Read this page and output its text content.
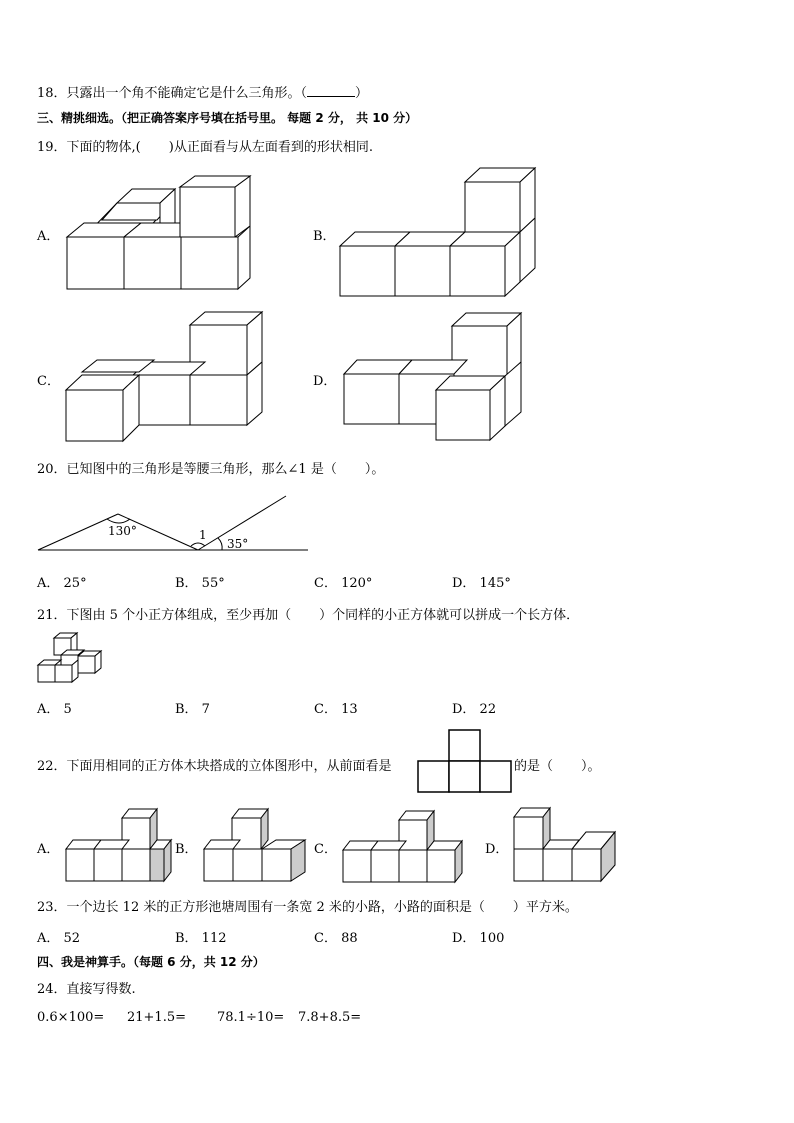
18．只露出一个角不能确定它是什么三角形。（	）
三、精挑细选。（把正确答案序号填在括号里。 每题 2 分， 共 10 分）
19．下面的物体,( )从正面看与从左面看到的形状相同.
A．	B．
C．	D．
20．已知图中的三角形是等腰三角形，那么∠1 是（ ）。
130°	1
35°
A． 25°	B． 55°	C． 120°	D． 145°
21．下图由 5 个小正方体组成，至少再加（ ）个同样的小正方体就可以拼成一个长方体．
A． 5	B． 7	C． 13	D． 22
22．下面用相同的正方体木块搭成的立体图形中，从前面看是	的是（ ）。
A．	B．	C．	D．
23．一个边长 12 米的正方形池塘周围有一条宽 2 米的小路，小路的面积是（ ）平方米。
A． 52	B． 112	C． 88	D． 100
四、我是神算手。（每题 6 分，共 12 分）
24．直接写得数.
0.6×100= 21+1.5= 78.1÷10= 7.8+8.5=
